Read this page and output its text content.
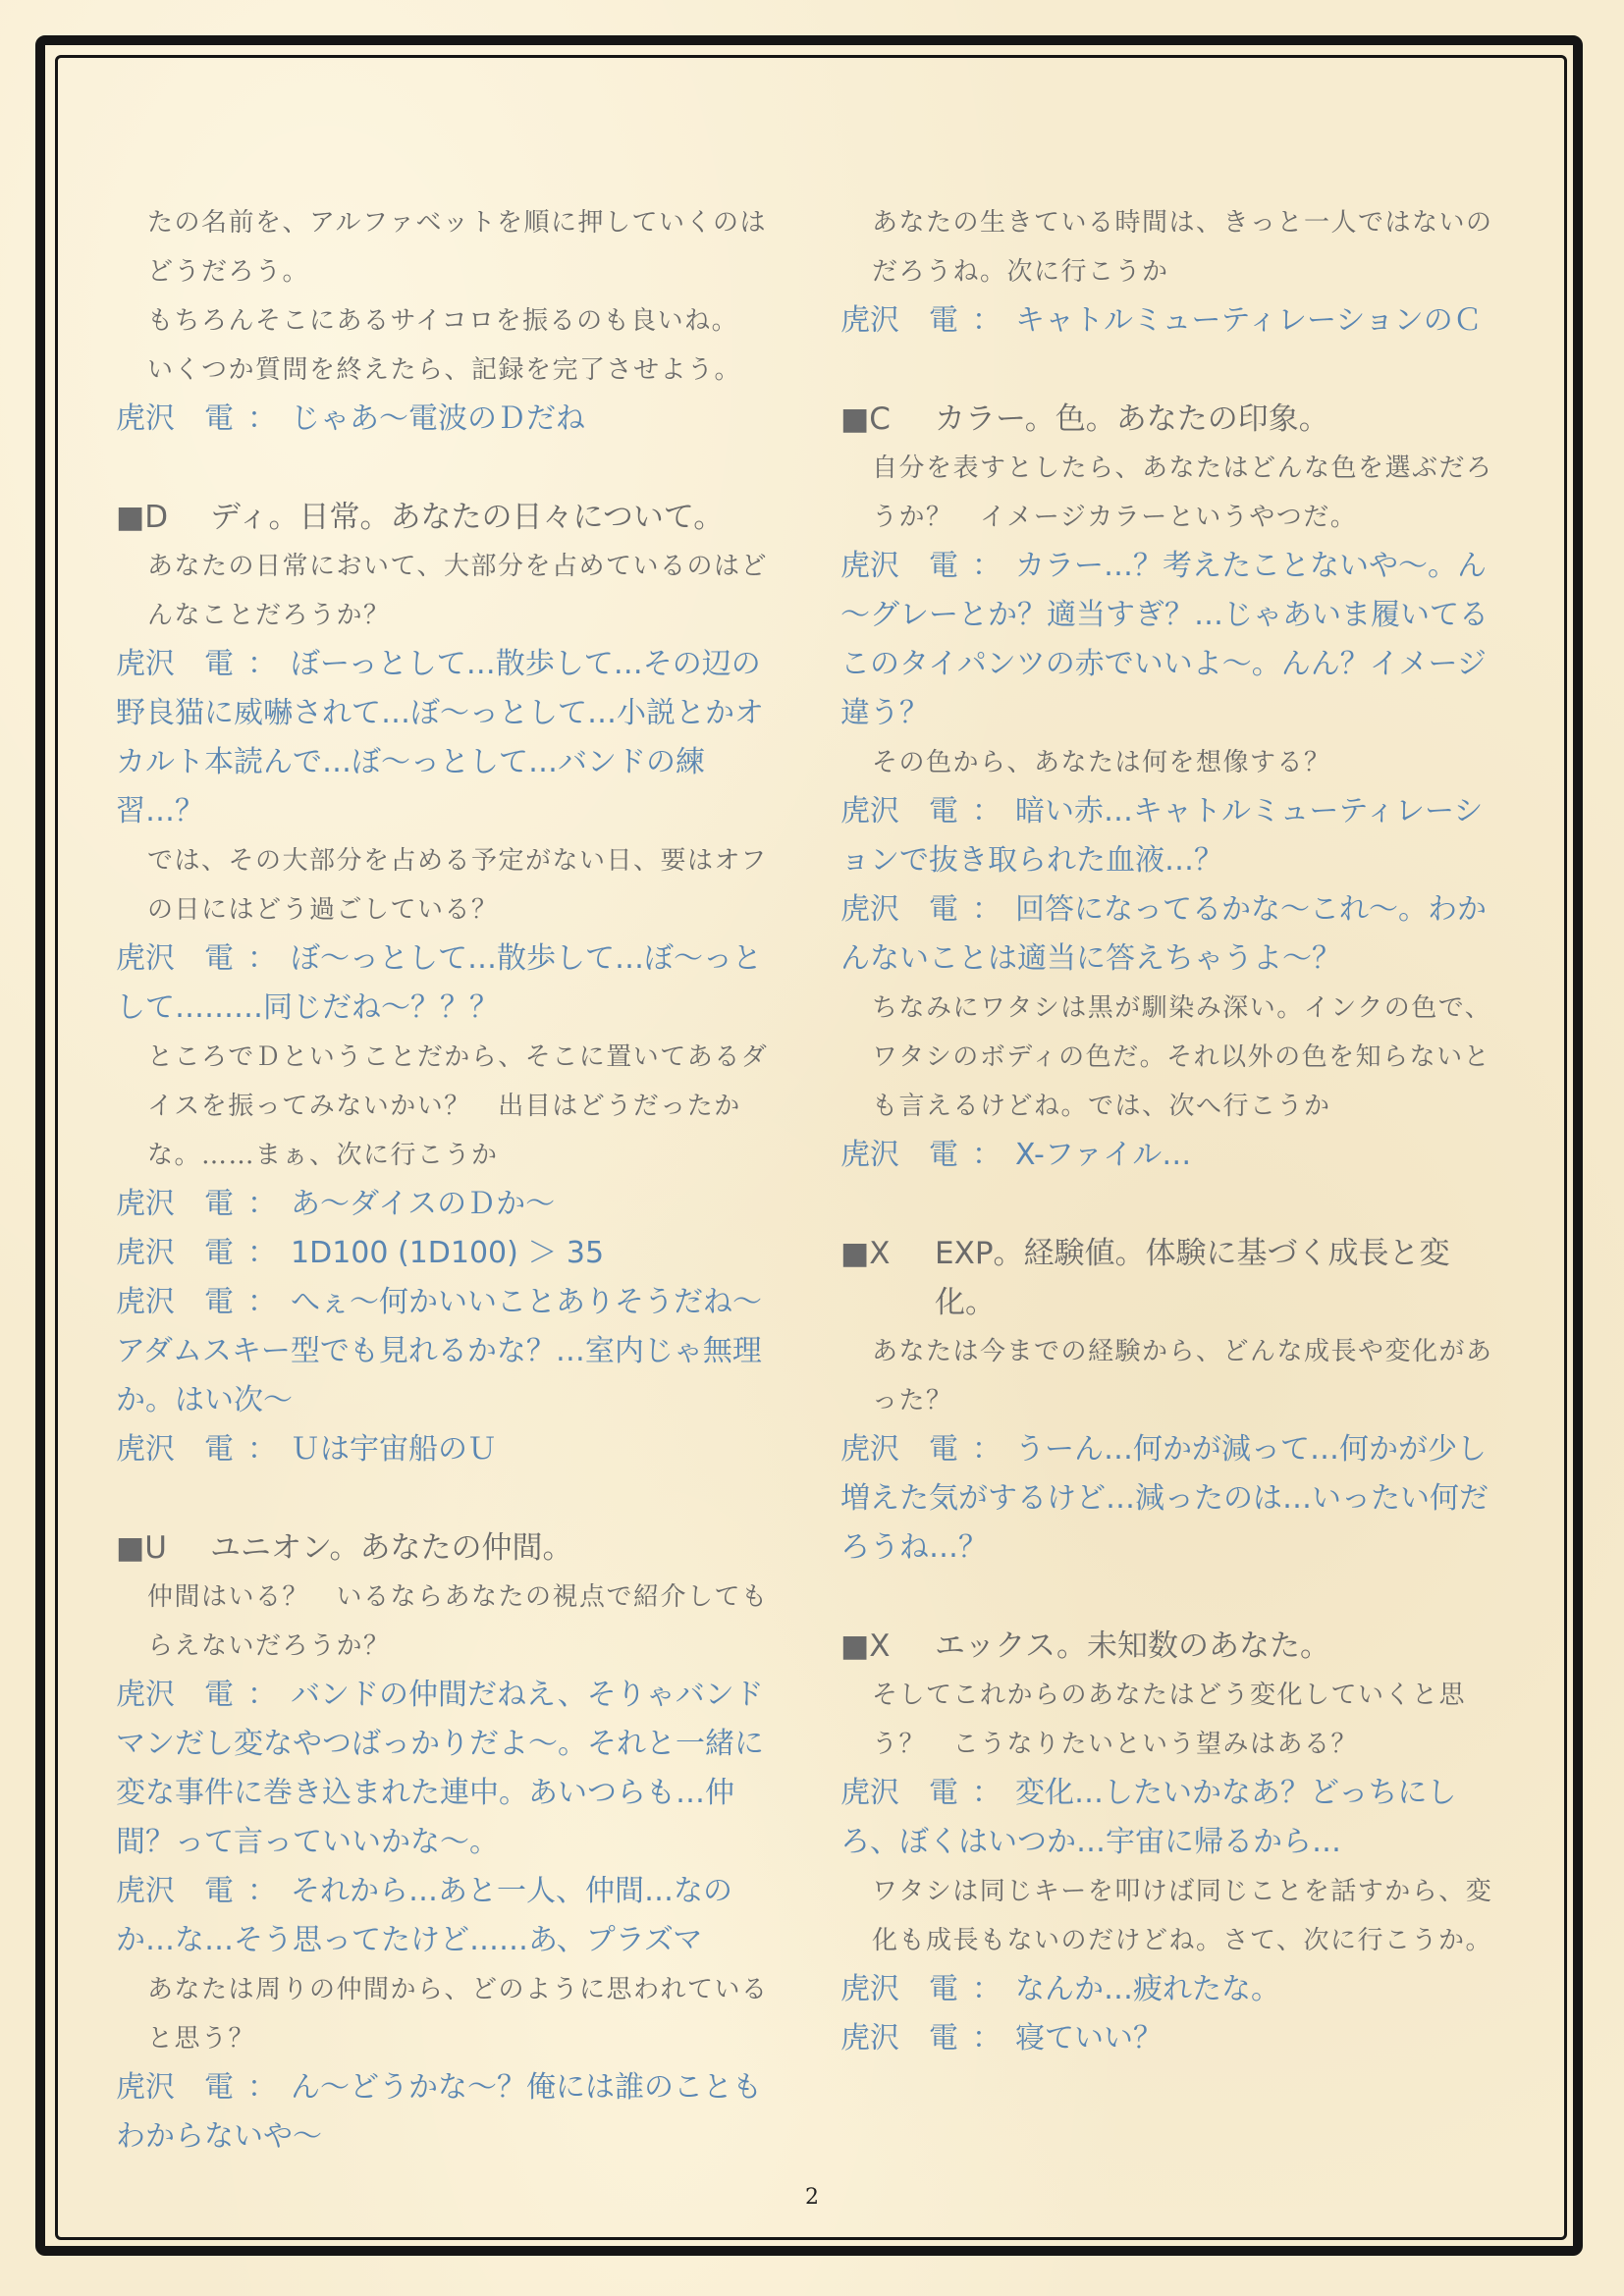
たの名前を、アルファベットを順に押していくのはどうだろう。
もちろんそこにあるサイコロを振るのも良いね。
いくつか質問を終えたら、記録を完了させよう。
虎沢　電 ： じゃあ～電波のＤだね
■D ディ。日常。あなたの日々について。
あなたの日常において、大部分を占めているのはどんなことだろうか？
虎沢　電 ： ぼーっとして…散歩して…その辺の野良猫に威嚇されて…ぼ～っとして…小説とかオカルト本読んで…ぼ～っとして…バンドの練習…？
では、その大部分を占める予定がない日、要はオフの日にはどう過ごしている？
虎沢　電 ： ぼ～っとして…散歩して…ぼ～っとして………同じだね～？？？
ところでＤということだから、そこに置いてあるダイスを振ってみないかい？　出目はどうだったかな。……まぁ、次に行こうか
虎沢　電 ： あ～ダイスのＤか～
虎沢　電 ： 1D100 (1D100) ＞ 35
虎沢　電 ： へぇ～何かいいことありそうだね～アダムスキー型でも見れるかな？…室内じゃ無理か。はい次～
虎沢　電 ： Ｕは宇宙船のＵ
■U ユニオン。あなたの仲間。
仲間はいる？　いるならあなたの視点で紹介してもらえないだろうか？
虎沢　電 ： バンドの仲間だねえ、そりゃバンドマンだし変なやつばっかりだよ～。それと一緒に変な事件に巻き込まれた連中。あいつらも…仲間？って言っていいかな～。
虎沢　電 ： それから…あと一人、仲間…なのか…な…そう思ってたけど……あ、プラズマ
あなたは周りの仲間から、どのように思われていると思う？
虎沢　電 ： ん～どうかな～？俺には誰のこともわからないや～
あなたの生きている時間は、きっと一人ではないのだろうね。次に行こうか
虎沢　電 ： キャトルミューティレーションのＣ
■C カラー。色。あなたの印象。
自分を表すとしたら、あなたはどんな色を選ぶだろうか？　イメージカラーというやつだ。
虎沢　電 ： カラー…？考えたことないや～。ん～グレーとか？適当すぎ？…じゃあいま履いてるこのタイパンツの赤でいいよ～。んん？イメージ違う？
その色から、あなたは何を想像する？
虎沢　電 ： 暗い赤…キャトルミューティレーションで抜き取られた血液…？
虎沢　電 ： 回答になってるかな～これ～。わかんないことは適当に答えちゃうよ～？
ちなみにワタシは黒が馴染み深い。インクの色で、ワタシのボディの色だ。それ以外の色を知らないとも言えるけどね。では、次へ行こうか
虎沢　電 ： X-ファイル…
■X EXP。経験値。体験に基づく成長と変化。
あなたは今までの経験から、どんな成長や変化があった？
虎沢　電 ： うーん…何かが減って…何かが少し増えた気がするけど…減ったのは…いったい何だろうね…？
■X エックス。未知数のあなた。
そしてこれからのあなたはどう変化していくと思う？　こうなりたいという望みはある？
虎沢　電 ： 変化…したいかなあ？どっちにしろ、ぼくはいつか…宇宙に帰るから…
ワタシは同じキーを叩けば同じことを話すから、変化も成長もないのだけどね。さて、次に行こうか。
虎沢　電 ： なんか…疲れたな。
虎沢　電 ： 寝ていい？
2
